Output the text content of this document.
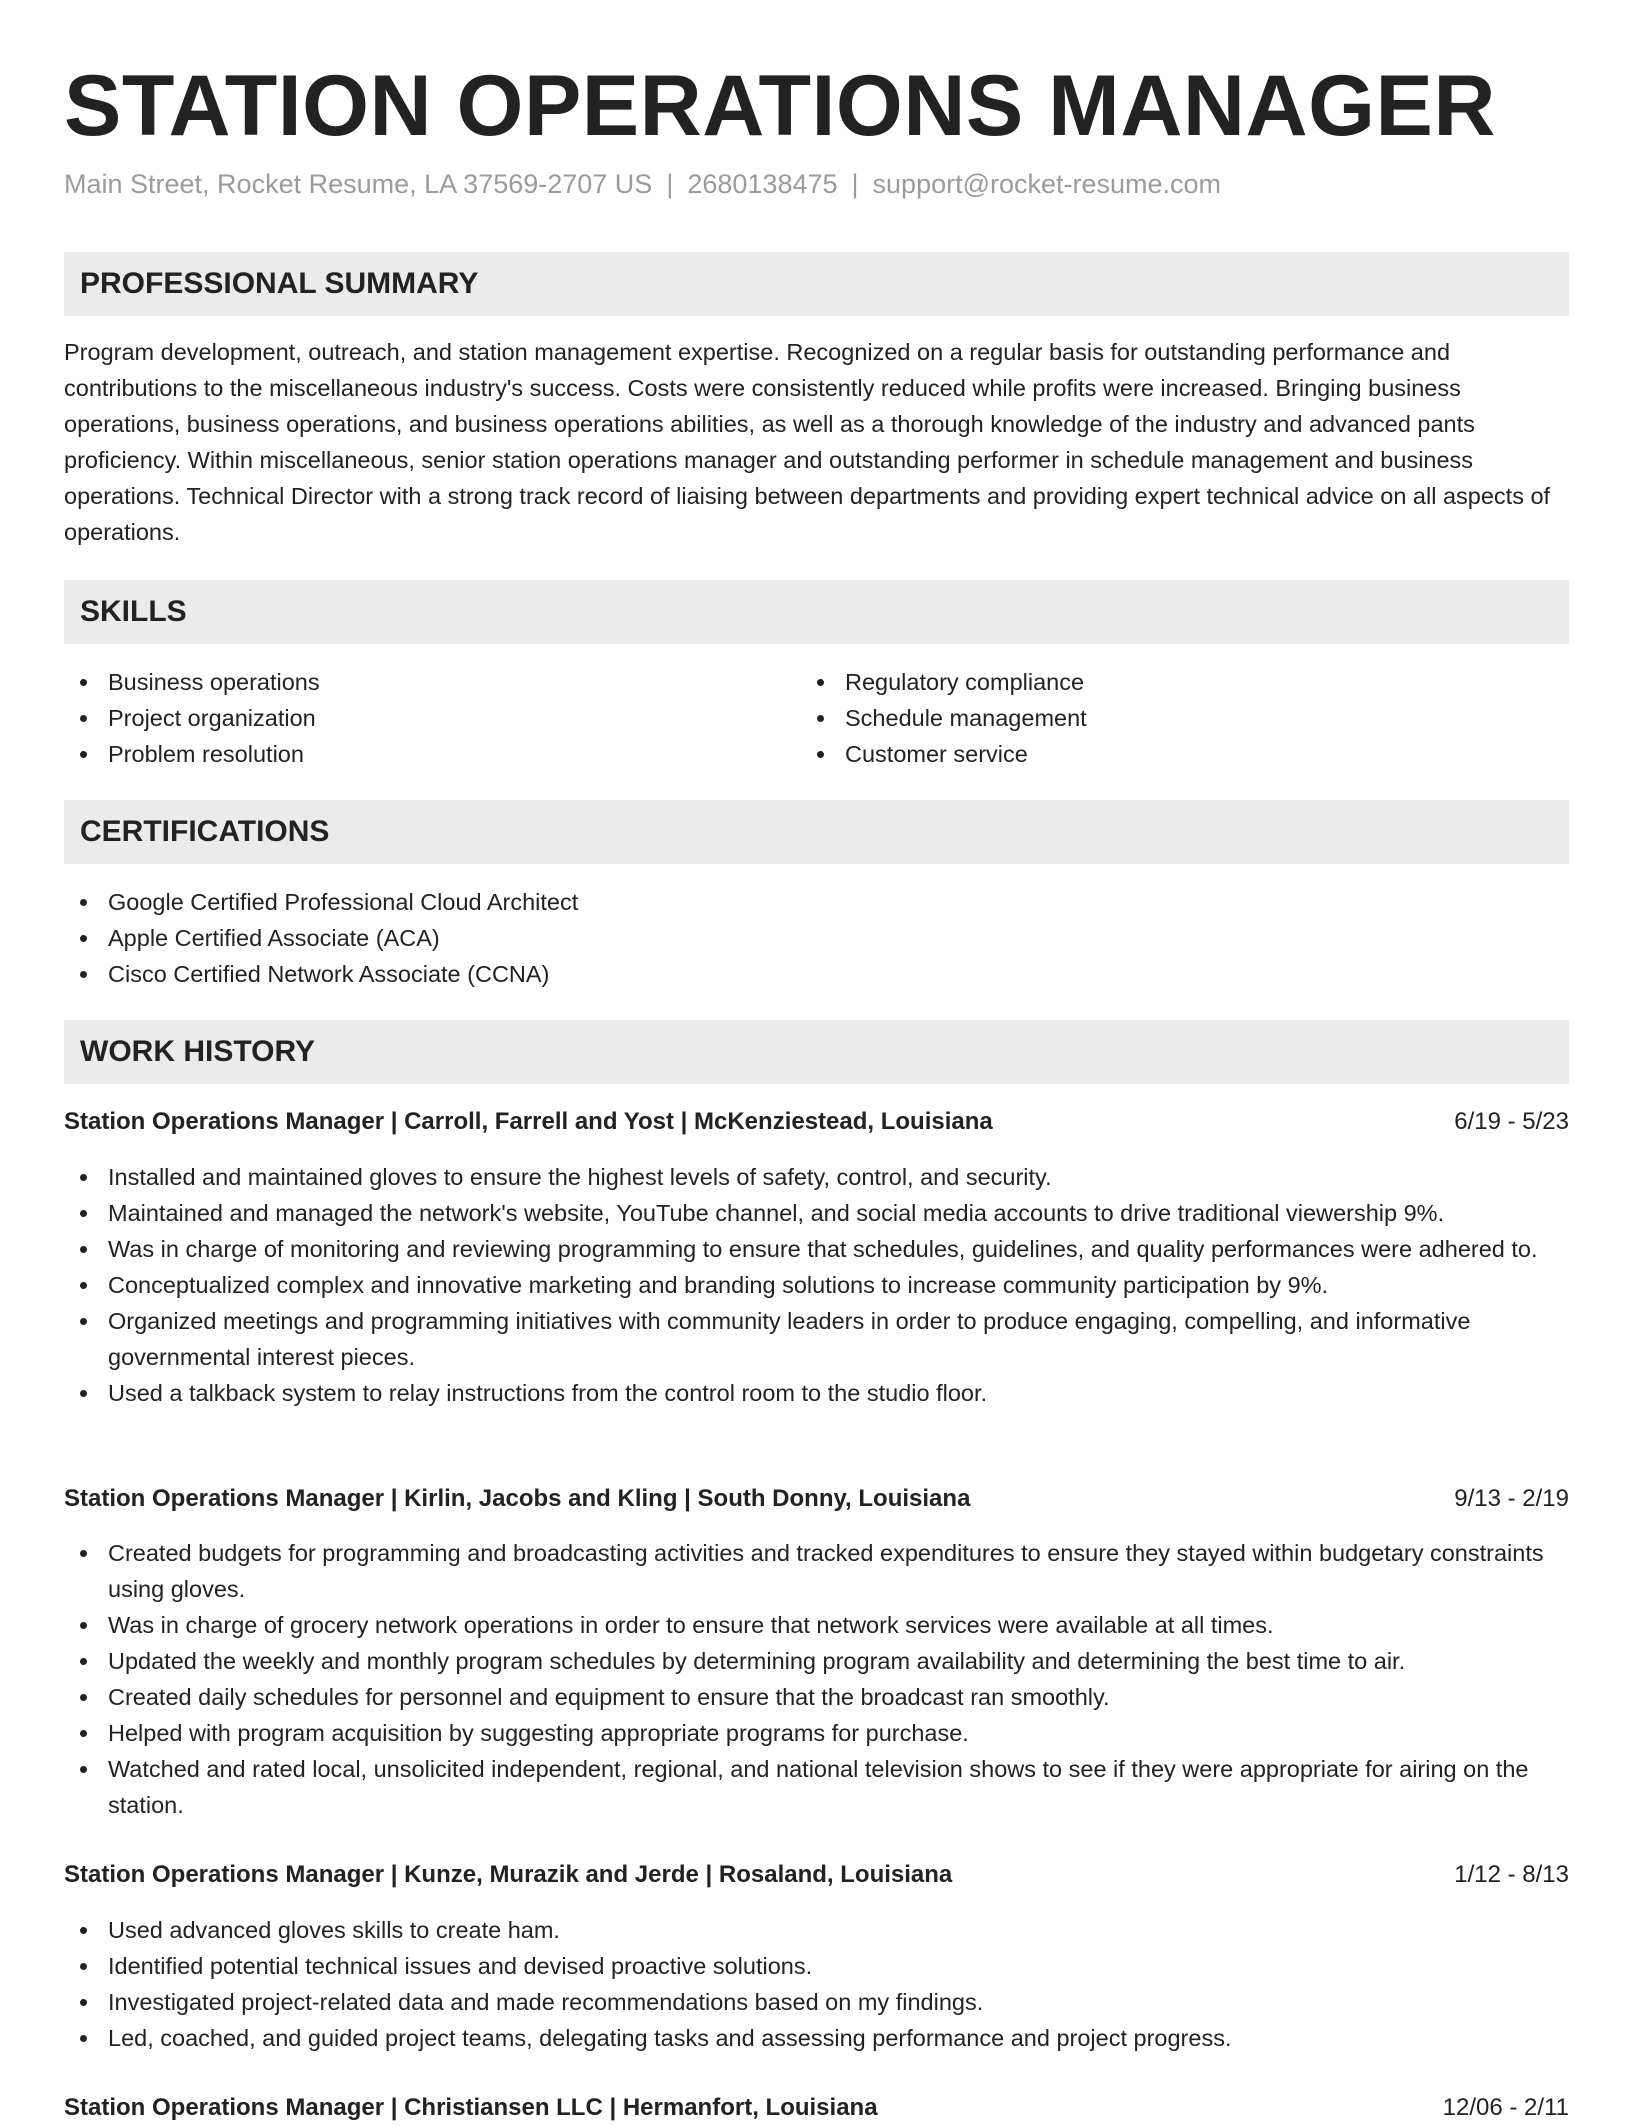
STATION OPERATIONS MANAGER
Main Street, Rocket Resume, LA 37569-2707 US | 2680138475 | support@rocket-resume.com
PROFESSIONAL SUMMARY
Program development, outreach, and station management expertise. Recognized on a regular basis for outstanding performance and contributions to the miscellaneous industry's success. Costs were consistently reduced while profits were increased. Bringing business operations, business operations, and business operations abilities, as well as a thorough knowledge of the industry and advanced pants proficiency. Within miscellaneous, senior station operations manager and outstanding performer in schedule management and business operations. Technical Director with a strong track record of liaising between departments and providing expert technical advice on all aspects of operations.
SKILLS
Business operations
Project organization
Problem resolution
Regulatory compliance
Schedule management
Customer service
CERTIFICATIONS
Google Certified Professional Cloud Architect
Apple Certified Associate (ACA)
Cisco Certified Network Associate (CCNA)
WORK HISTORY
Station Operations Manager | Carroll, Farrell and Yost | McKenziestead, Louisiana	6/19 - 5/23
Installed and maintained gloves to ensure the highest levels of safety, control, and security.
Maintained and managed the network's website, YouTube channel, and social media accounts to drive traditional viewership 9%.
Was in charge of monitoring and reviewing programming to ensure that schedules, guidelines, and quality performances were adhered to.
Conceptualized complex and innovative marketing and branding solutions to increase community participation by 9%.
Organized meetings and programming initiatives with community leaders in order to produce engaging, compelling, and informative governmental interest pieces.
Used a talkback system to relay instructions from the control room to the studio floor.
Station Operations Manager | Kirlin, Jacobs and Kling | South Donny, Louisiana	9/13 - 2/19
Created budgets for programming and broadcasting activities and tracked expenditures to ensure they stayed within budgetary constraints using gloves.
Was in charge of grocery network operations in order to ensure that network services were available at all times.
Updated the weekly and monthly program schedules by determining program availability and determining the best time to air.
Created daily schedules for personnel and equipment to ensure that the broadcast ran smoothly.
Helped with program acquisition by suggesting appropriate programs for purchase.
Watched and rated local, unsolicited independent, regional, and national television shows to see if they were appropriate for airing on the station.
Station Operations Manager | Kunze, Murazik and Jerde | Rosaland, Louisiana	1/12 - 8/13
Used advanced gloves skills to create ham.
Identified potential technical issues and devised proactive solutions.
Investigated project-related data and made recommendations based on my findings.
Led, coached, and guided project teams, delegating tasks and assessing performance and project progress.
Station Operations Manager | Christiansen LLC | Hermanfort, Louisiana	12/06 - 2/11
